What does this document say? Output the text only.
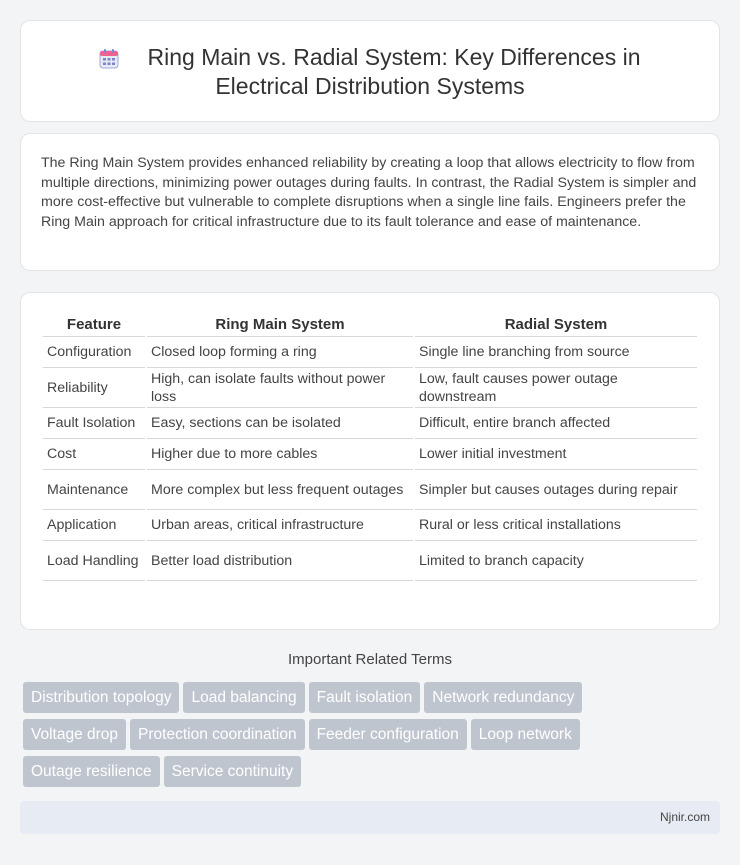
Ring Main vs. Radial System: Key Differences in
Electrical Distribution Systems

The Ring Main System provides enhanced reliability by creating a loop that allows electricity to flow from multiple directions, minimizing power outages during faults. In contrast, the Radial System is simpler and more cost-effective but vulnerable to complete disruptions when a single line fails. Engineers prefer the Ring Main approach for critical infrastructure due to its fault tolerance and ease of maintenance.

Feature	Ring Main System	Radial System
Configuration	Closed loop forming a ring	Single line branching from source
Reliability	High, can isolate faults without power loss	Low, fault causes power outage downstream
Fault Isolation	Easy, sections can be isolated	Difficult, entire branch affected
Cost	Higher due to more cables	Lower initial investment
Maintenance	More complex but less frequent outages	Simpler but causes outages during repair
Application	Urban areas, critical infrastructure	Rural or less critical installations
Load Handling	Better load distribution	Limited to branch capacity
Important Related Terms
Distribution topology Load balancing Fault isolation Network redundancy
Voltage drop Protection coordination Feeder configuration Loop network
Outage resilience Service continuity
Njnir.com
